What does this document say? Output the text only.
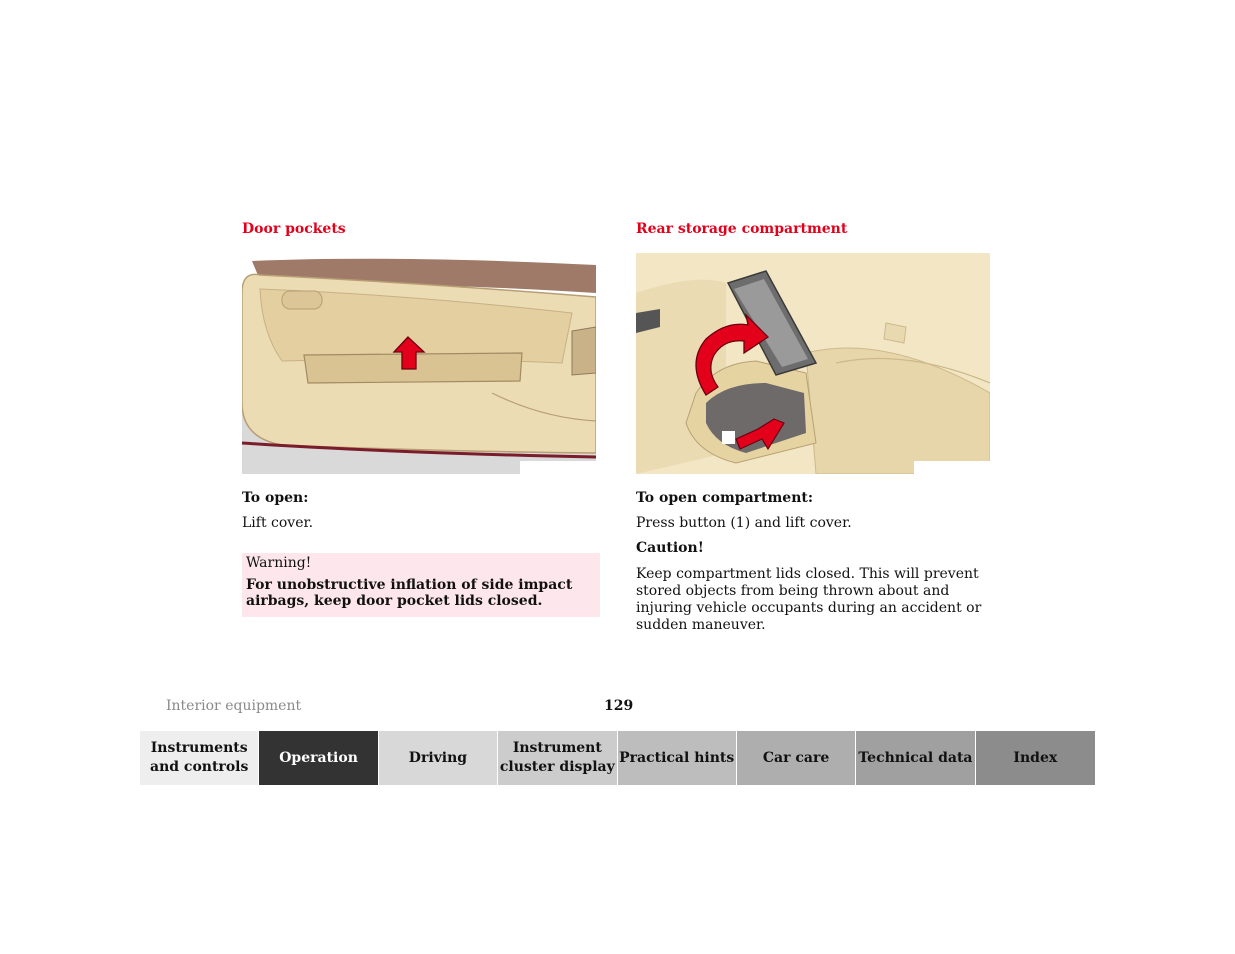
Door pockets
To open:
Lift cover.
Warning!
For unobstructive inflation of side impact airbags, keep door pocket lids closed.
Rear storage compartment
To open compartment:
Press button (1) and lift cover.
Caution!
Keep compartment lids closed. This will prevent stored objects from being thrown about and injuring vehicle occupants during an accident or sudden maneuver.
Interior equipment	129
Instruments and controls
Operation	Driving
Instrument cluster display
Practical hints	Car care	Technical data	Index
